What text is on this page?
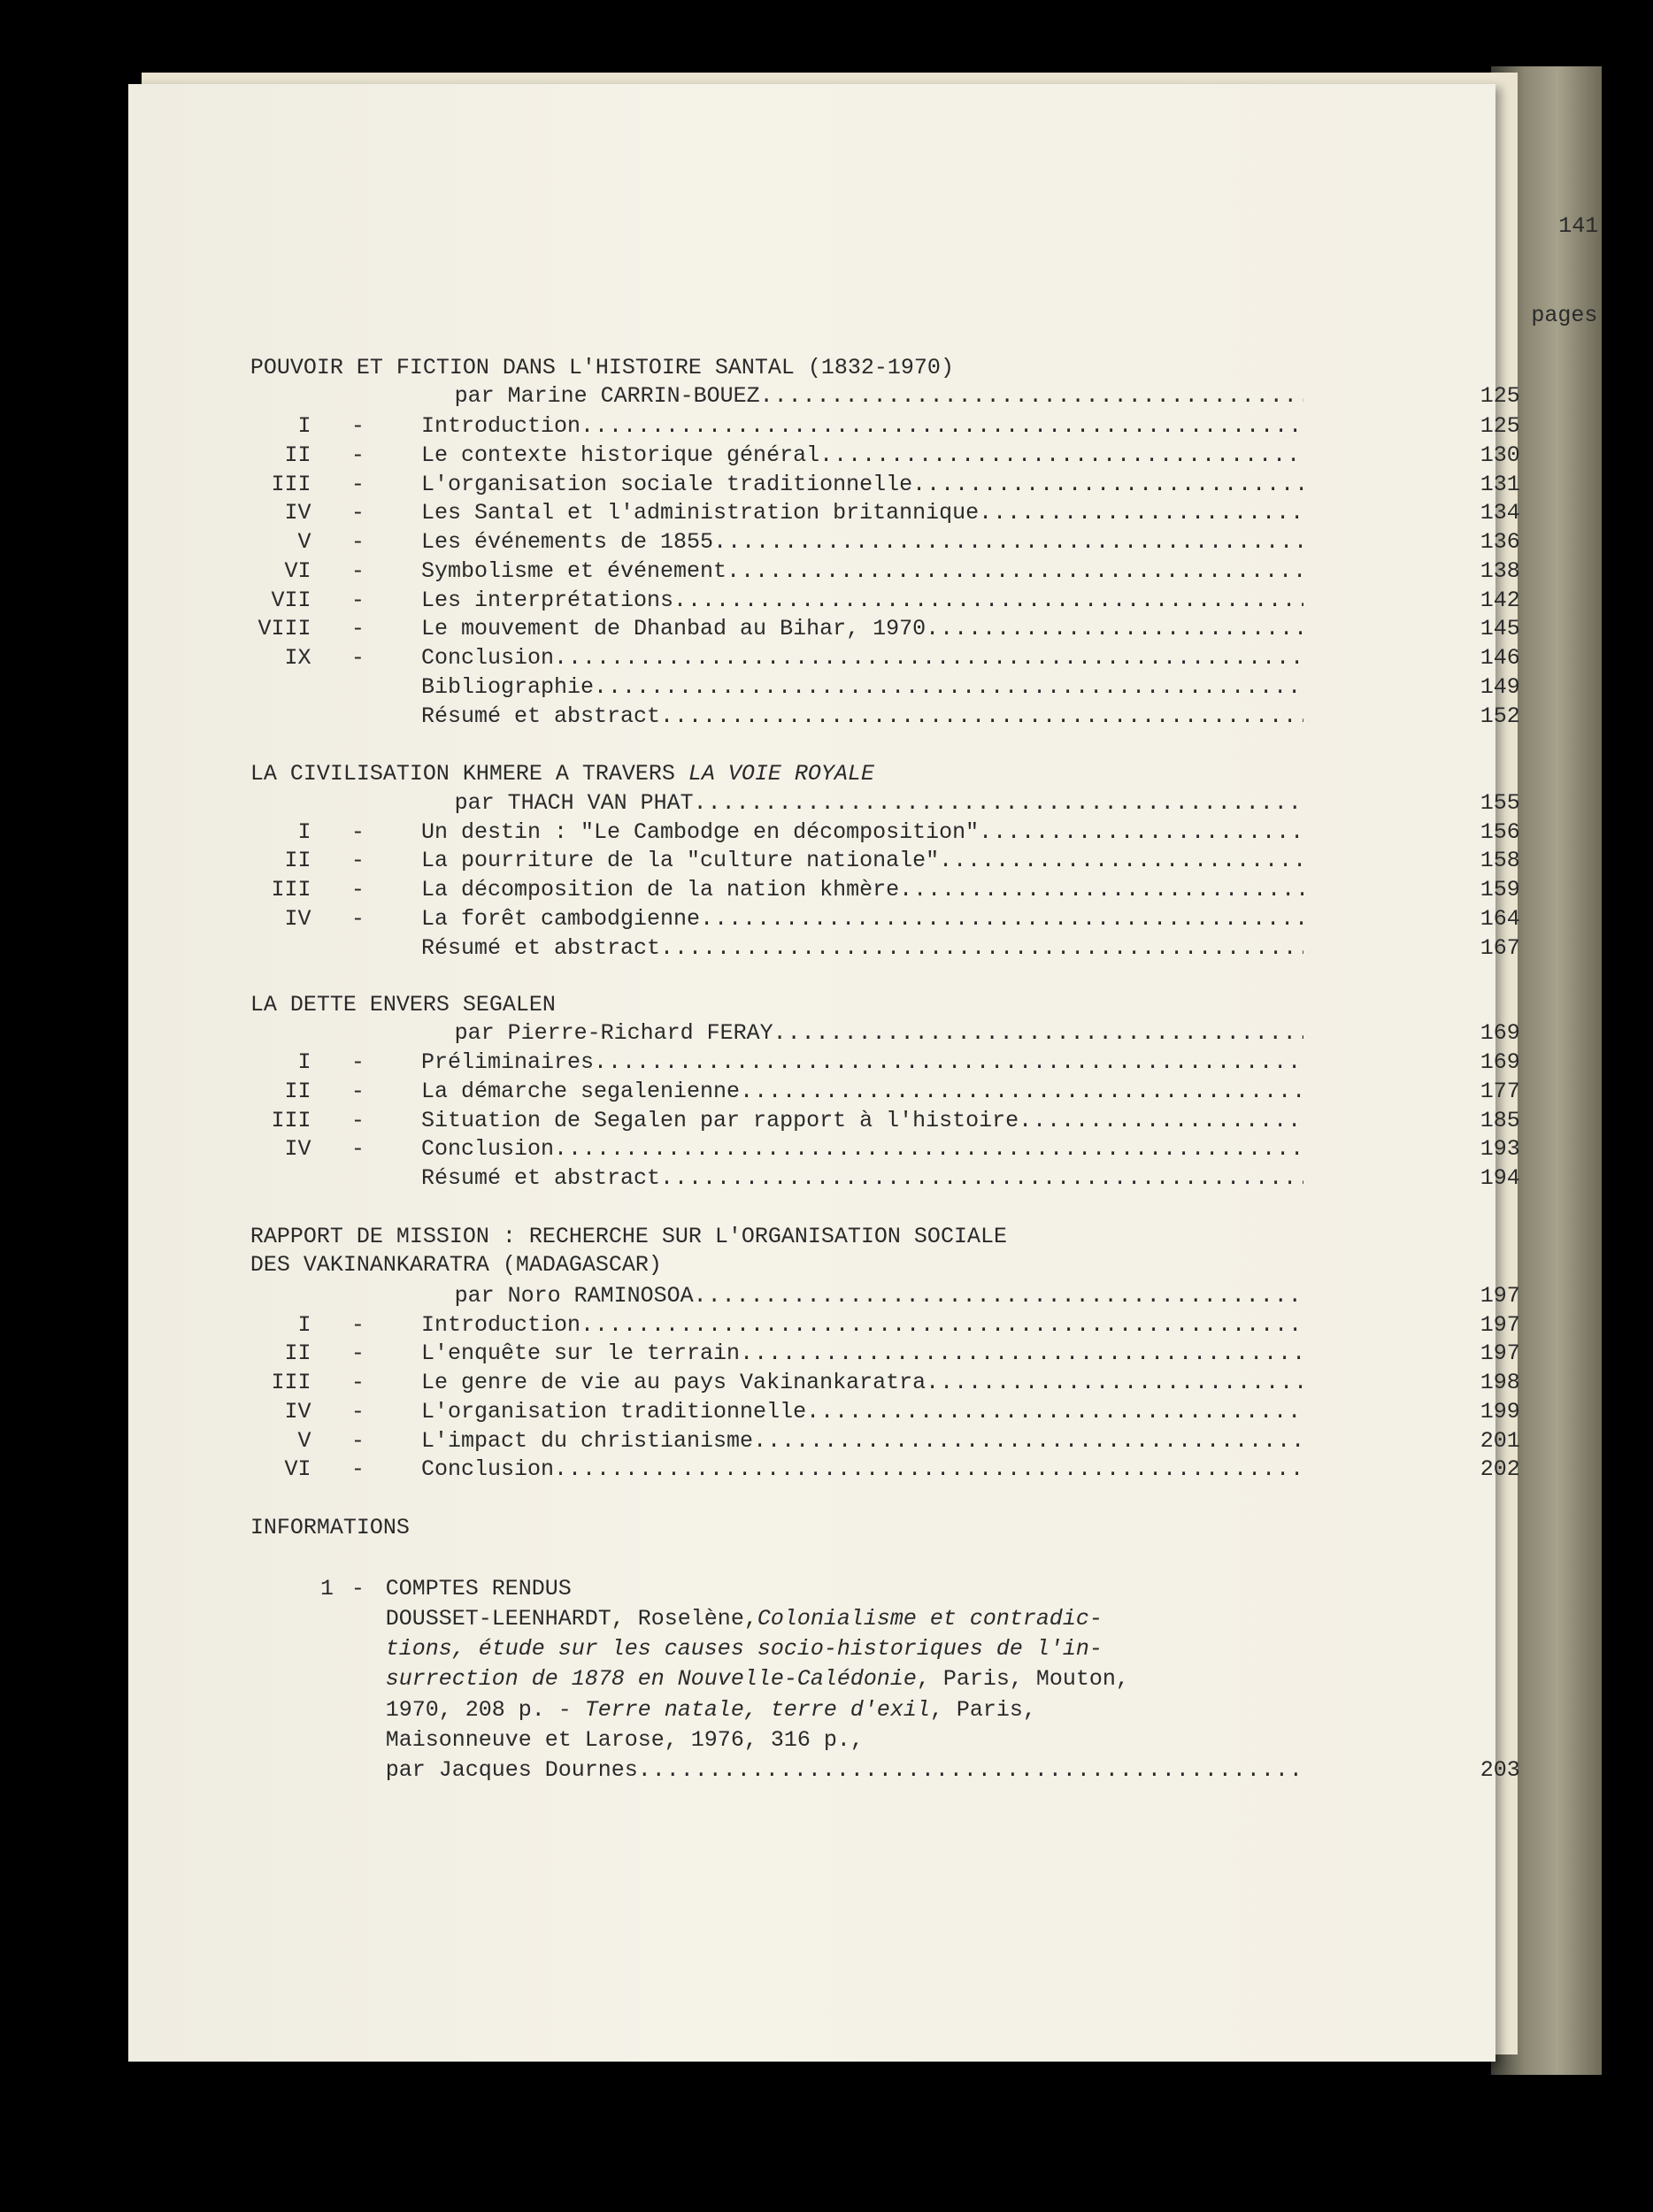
141
pages
POUVOIR ET FICTION DANS L'HISTOIRE SANTAL (1832-1970)
par Marine CARRIN-BOUEZ .....	125
I -	Introduction .....	125
II -	Le contexte historique général .....	130
III -	L'organisation sociale traditionnelle .....	131
IV -	Les Santal et l'administration britannique .....	134
V -	Les événements de 1855 .....	136
VI -	Symbolisme et événement .....	138
VII -	Les interprétations .....	142
VIII -	Le mouvement de Dhanbad au Bihar, 1970 .....	145
IX -	Conclusion .....	146
Bibliographie .....	149
Résumé et abstract .....	152
LA CIVILISATION KHMERE A TRAVERS LA VOIE ROYALE
par THACH VAN PHAT .....	155
I -	Un destin : "Le Cambodge en décomposition" .....	156
II -	La pourriture de la "culture nationale" .....	158
III -	La décomposition de la nation khmère .....	159
IV -	La forêt cambodgienne .....	164
Résumé et abstract .....	167
LA DETTE ENVERS SEGALEN
par Pierre-Richard FERAY .....	169
I -	Préliminaires .....	169
II -	La démarche segalenienne .....	177
III -	Situation de Segalen par rapport à l'histoire .....	185
IV -	Conclusion .....	193
Résumé et abstract .....	194
RAPPORT DE MISSION : RECHERCHE SUR L'ORGANISATION SOCIALE
DES VAKINANKARATRA (MADAGASCAR)
par Noro RAMINOSOA .....	197
I -	Introduction .....	197
II -	L'enquête sur le terrain .....	197
III -	Le genre de vie au pays Vakinankaratra .....	198
IV -	L'organisation traditionnelle .....	199
V -	L'impact du christianisme .....	201
VI -	Conclusion .....	202
INFORMATIONS
1 - COMPTES RENDUS
DOUSSET-LEENHARDT, Roselène,Colonialisme et contradic-
tions, étude sur les causes socio-historiques de l'in-
surrection de 1878 en Nouvelle-Calédonie, Paris, Mouton,
1970, 208 p. - Terre natale, terre d'exil, Paris,
Maisonneuve et Larose, 1976, 316 p.,
par Jacques Dournes .....	203
